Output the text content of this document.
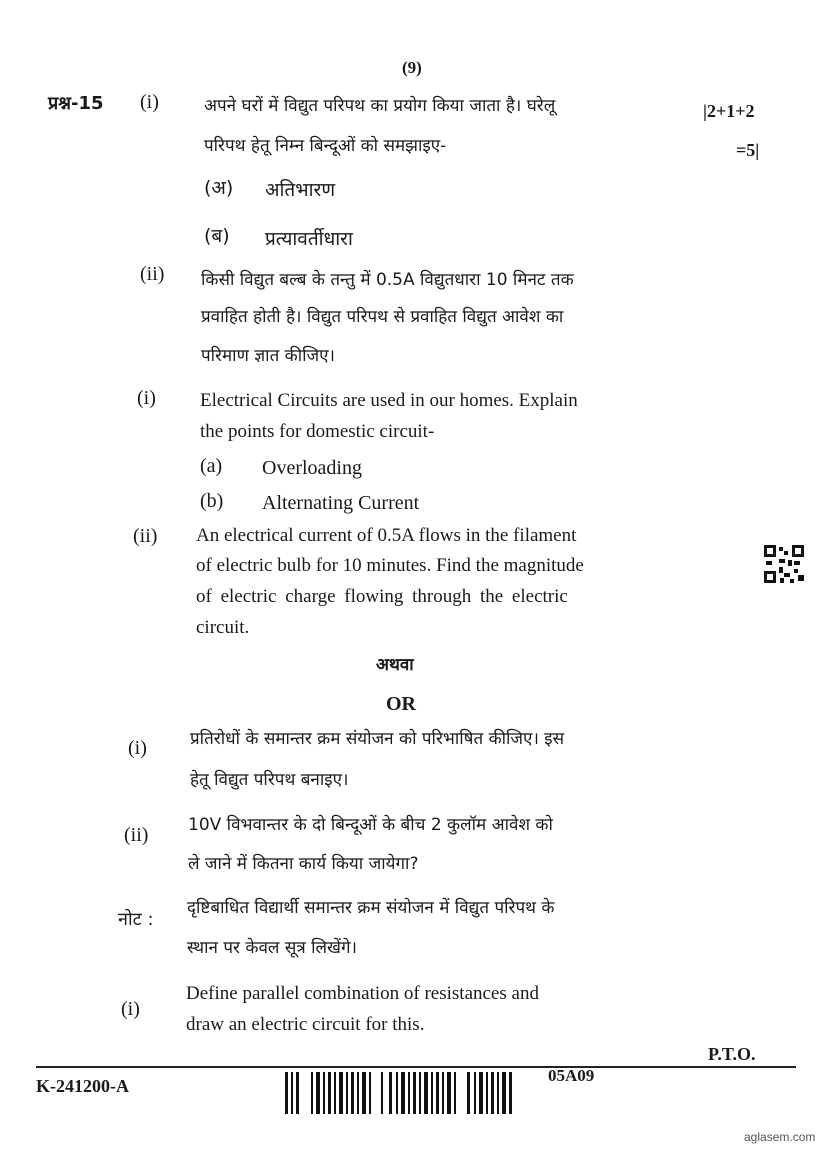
(9)
प्रश्न-15	|2+1+2
=5|
(i)	अपने घरों में विद्युत परिपथ का प्रयोग किया जाता है। घरेलू
परिपथ हेतू निम्न बिन्दूओं को समझाइए-
(अ) अतिभारण
(ब) प्रत्यावर्तीधारा
(ii) किसी विद्युत बल्ब के तन्तु में 0.5A विद्युतधारा 10 मिनट तक
प्रवाहित होती है। विद्युत परिपथ से प्रवाहित विद्युत आवेश का
परिमाण ज्ञात कीजिए।
(i) Electrical Circuits are used in our homes. Explain
the points for domestic circuit-
(a) Overloading
(b) Alternating Current
(ii) An electrical current of 0.5A flows in the filament
of electric bulb for 10 minutes. Find the magnitude
of electric charge flowing through the electric
circuit.
अथवा
OR
(i)	प्रतिरोधों के समान्तर क्रम संयोजन को परिभाषित कीजिए। इस
हेतू विद्युत परिपथ बनाइए।
(ii) 10V विभवान्तर के दो बिन्दूओं के बीच 2 कुलॉम आवेश को
ले जाने में कितना कार्य किया जायेगा?
नोट :
दृष्टिबाधित विद्यार्थी समान्तर क्रम संयोजन में विद्युत परिपथ के
स्थान पर केवल सूत्र लिखेंगे।
(i)
Define parallel combination of resistances and
draw an electric circuit for this.
P.T.O.
K-241200-A
05A09
aglasem.com
